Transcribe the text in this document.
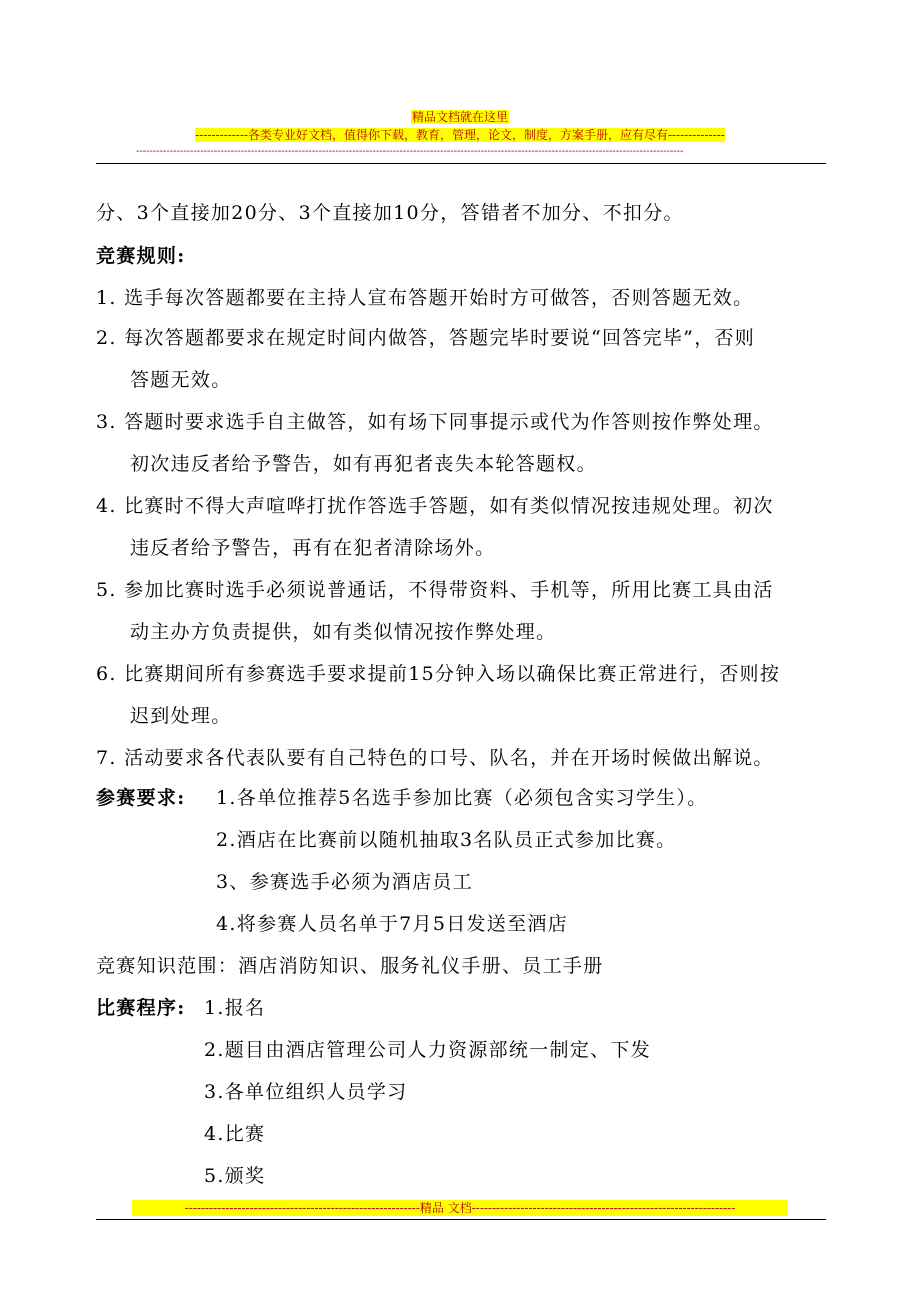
精品文档就在这里
-------------各类专业好文档，值得你下载，教育，管理，论文，制度，方案手册，应有尽有--------------
------------------------------------------------------------------------------------------------------------------------------------------------------------------
分、3个直接加20分、3个直接加10分，答错者不加分、不扣分。
竞赛规则:
1. 选手每次答题都要在主持人宣布答题开始时方可做答，否则答题无效。
2. 每次答题都要求在规定时间内做答，答题完毕时要说“回答完毕”，否则
答题无效。
3. 答题时要求选手自主做答，如有场下同事提示或代为作答则按作弊处理。
初次违反者给予警告，如有再犯者丧失本轮答题权。
4. 比赛时不得大声喧哗打扰作答选手答题，如有类似情况按违规处理。初次
违反者给予警告，再有在犯者清除场外。
5. 参加比赛时选手必须说普通话，不得带资料、手机等，所用比赛工具由活
动主办方负责提供，如有类似情况按作弊处理。
6. 比赛期间所有参赛选手要求提前15分钟入场以确保比赛正常进行，否则按
迟到处理。
7. 活动要求各代表队要有自己特色的口号、队名，并在开场时候做出解说。
参赛要求: 1.各单位推荐5名选手参加比赛（必须包含实习学生）。
2.酒店在比赛前以随机抽取3名队员正式参加比赛。
3、参赛选手必须为酒店员工
4.将参赛人员名单于7月5日发送至酒店
竞赛知识范围：酒店消防知识、服务礼仪手册、员工手册
比赛程序: 1.报名
2.题目由酒店管理公司人力资源部统一制定、下发
3.各单位组织人员学习
4.比赛
5.颁奖
----------------------------------------------------------精品 文档-----------------------------------------------------------------
